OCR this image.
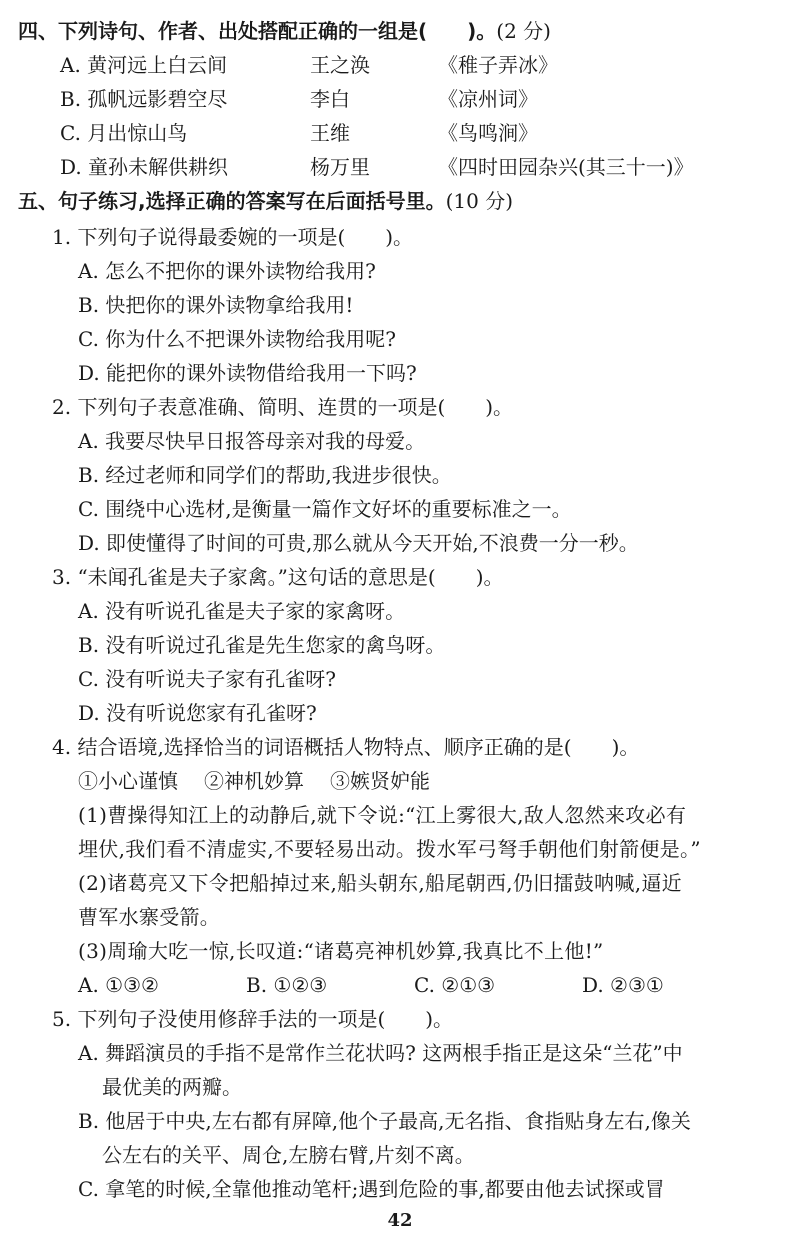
四、下列诗句、作者、出处搭配正确的一组是(　　)。(2 分)
A. 黄河远上白云间	王之涣	《稚子弄冰》
B. 孤帆远影碧空尽	李白	《凉州词》
C. 月出惊山鸟	王维	《鸟鸣涧》
D. 童孙未解供耕织	杨万里	《四时田园杂兴(其三十一)》
五、句子练习,选择正确的答案写在后面括号里。(10 分)
1. 下列句子说得最委婉的一项是(　　)。
A. 怎么不把你的课外读物给我用?
B. 快把你的课外读物拿给我用!
C. 你为什么不把课外读物给我用呢?
D. 能把你的课外读物借给我用一下吗?
2. 下列句子表意准确、简明、连贯的一项是(　　)。
A. 我要尽快早日报答母亲对我的母爱。
B. 经过老师和同学们的帮助,我进步很快。
C. 围绕中心选材,是衡量一篇作文好坏的重要标准之一。
D. 即使懂得了时间的可贵,那么就从今天开始,不浪费一分一秒。
3. “未闻孔雀是夫子家禽。”这句话的意思是(　　)。
A. 没有听说孔雀是夫子家的家禽呀。
B. 没有听说过孔雀是先生您家的禽鸟呀。
C. 没有听说夫子家有孔雀呀?
D. 没有听说您家有孔雀呀?
4. 结合语境,选择恰当的词语概括人物特点、顺序正确的是(　　)。
①小心谨慎 ②神机妙算 ③嫉贤妒能
(1)曹操得知江上的动静后,就下令说:“江上雾很大,敌人忽然来攻必有
埋伏,我们看不清虚实,不要轻易出动。拨水军弓弩手朝他们射箭便是。”
(2)诸葛亮又下令把船掉过来,船头朝东,船尾朝西,仍旧擂鼓呐喊,逼近
曹军水寨受箭。
(3)周瑜大吃一惊,长叹道:“诸葛亮神机妙算,我真比不上他!”
A. ①③②	B. ①②③	C. ②①③	D. ②③①
5. 下列句子没使用修辞手法的一项是(　　)。
A. 舞蹈演员的手指不是常作兰花状吗? 这两根手指正是这朵“兰花”中
最优美的两瓣。
B. 他居于中央,左右都有屏障,他个子最高,无名指、食指贴身左右,像关
公左右的关平、周仓,左膀右臂,片刻不离。
C. 拿笔的时候,全靠他推动笔杆;遇到危险的事,都要由他去试探或冒
42
